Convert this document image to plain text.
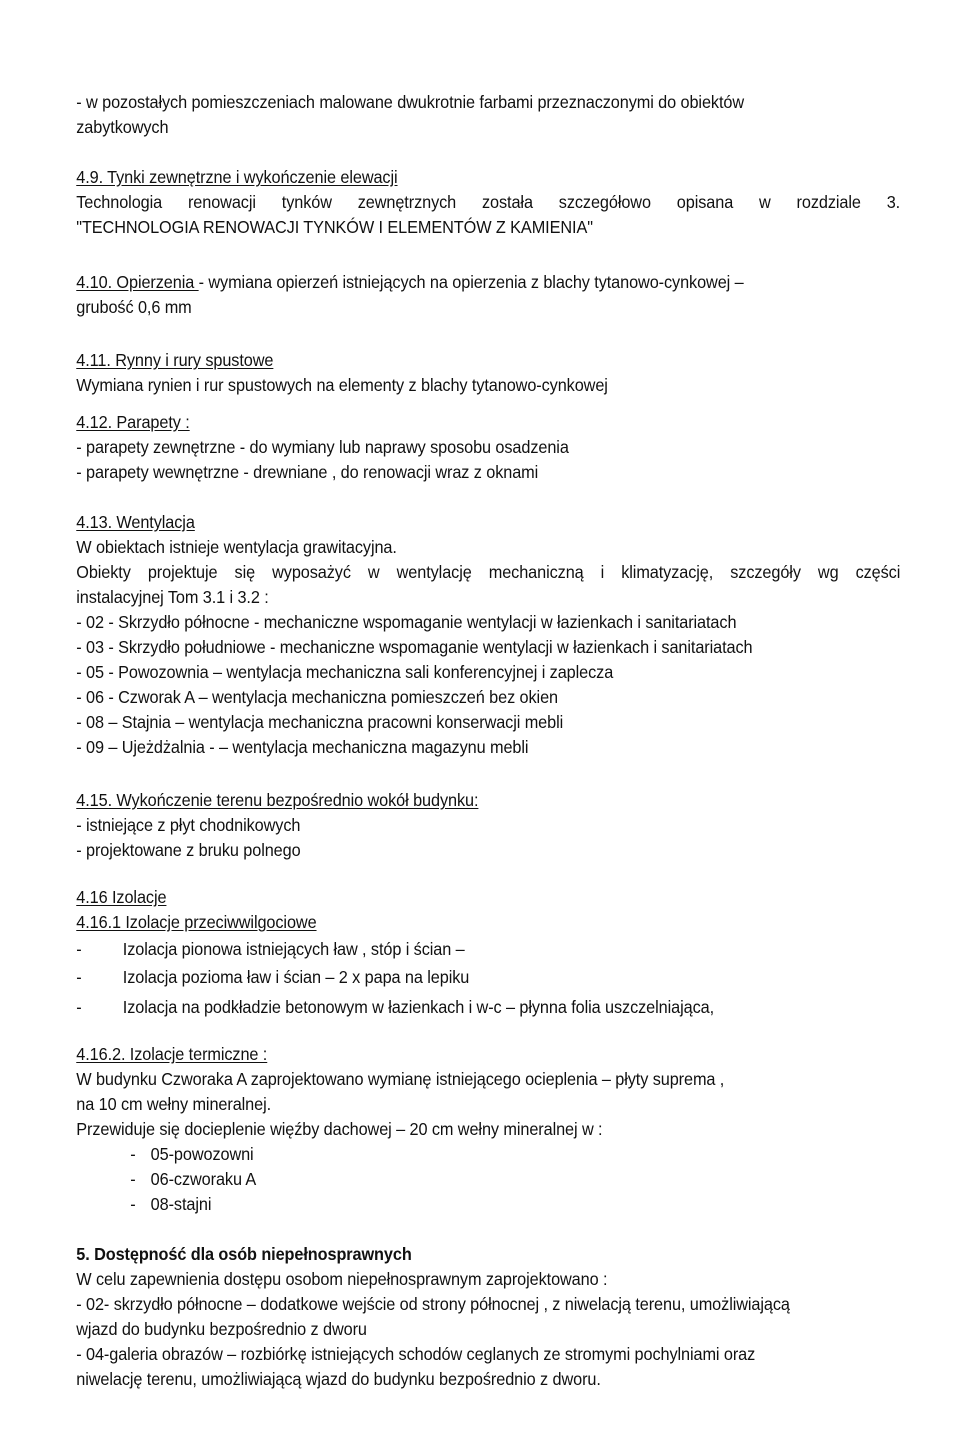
- w pozostałych pomieszczeniach malowane dwukrotnie farbami przeznaczonymi do obiektów

zabytkowych

4.9. Tynki zewnętrzne i wykończenie elewacji

Technologia renowacji tynków zewnętrznych została szczegółowo opisana w rozdziale 3.

"TECHNOLOGIA RENOWACJI TYNKÓW I ELEMENTÓW Z KAMIENIA"

4.10. Opierzenia - wymiana opierzeń istniejących na opierzenia z blachy tytanowo-cynkowej –

grubość 0,6 mm

4.11. Rynny i rury spustowe

Wymiana rynien i rur spustowych na elementy z blachy tytanowo-cynkowej

4.12. Parapety :

- parapety zewnętrzne - do wymiany lub naprawy sposobu osadzenia
- parapety wewnętrzne - drewniane , do renowacji wraz z oknami

4.13. Wentylacja

W obiektach istnieje wentylacja grawitacyjna.

Obiekty projektuje się wyposażyć w wentylację mechaniczną i klimatyzację, szczegóły wg części

instalacyjnej Tom 3.1 i 3.2 :

- 02 - Skrzydło północne - mechaniczne wspomaganie wentylacji w łazienkach i sanitariatach
- 03 - Skrzydło południowe - mechaniczne wspomaganie wentylacji w łazienkach i sanitariatach
- 05 - Powozownia – wentylacja mechaniczna sali konferencyjnej i zaplecza
- 06 - Czworak A – wentylacja mechaniczna pomieszczeń bez okien
- 08 – Stajnia – wentylacja mechaniczna pracowni konserwacji mebli
- 09 – Ujeżdżalnia - – wentylacja mechaniczna magazynu mebli

4.15. Wykończenie terenu bezpośrednio wokół budynku:

- istniejące z płyt chodnikowych
- projektowane z bruku polnego

4.16 Izolacje

4.16.1 Izolacje przeciwwilgociowe

-	Izolacja pionowa istniejących ław , stóp i ścian –
-	Izolacja pozioma ław i ścian – 2 x papa na lepiku
-	Izolacja na podkładzie betonowym w łazienkach i w-c – płynna folia uszczelniająca,

4.16.2. Izolacje termiczne :

W budynku Czworaka A zaprojektowano wymianę istniejącego ocieplenia – płyty suprema ,

na 10 cm wełny mineralnej.

Przewiduje się docieplenie więźby dachowej – 20 cm wełny mineralnej w :

- 05-powozowni
- 06-czworaku A
- 08-stajni

5. Dostępność dla osób niepełnosprawnych

W celu zapewnienia dostępu osobom niepełnosprawnym zaprojektowano :

- 02- skrzydło północne – dodatkowe wejście od strony północnej , z niwelacją terenu, umożliwiającą

wjazd do budynku bezpośrednio z dworu

- 04-galeria obrazów – rozbiórkę istniejących schodów ceglanych ze stromymi pochylniami oraz

niwelację terenu, umożliwiającą wjazd do budynku bezpośrednio z dworu.
